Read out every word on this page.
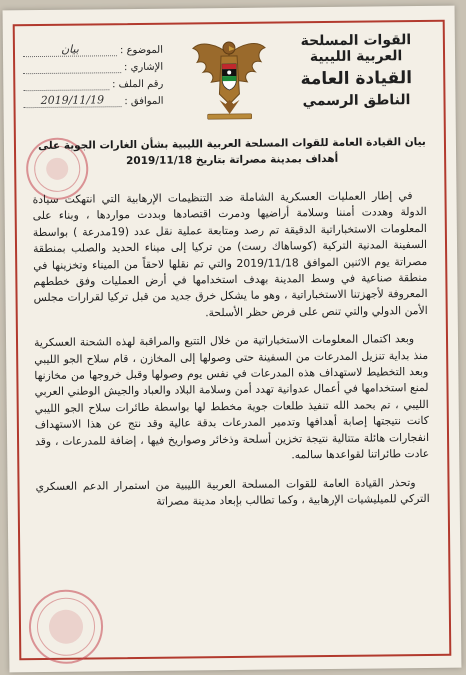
القوات المسلحة العربية الليبية
القيادة العامة
الناطق الرسمي
الموضوع :
بيان
الإشاري :
رقم الملف :
الموافق :
2019/11/19
بيان القيادة العامة للقوات المسلحة العربية الليبية بشأن الغارات الجوية على أهداف بمدينة مصراتة بتاريخ 2019/11/18

في إطار العمليات العسكرية الشاملة ضد التنظيمات الإرهابية التي انتهكت سيادة الدولة وهددت أمننا وسلامة أراضيها ودمرت اقتصادها وبددت مواردها ، وبناء على المعلومات الاستخباراتية الدقيقة تم رصد ومتابعة عملية نقل عدد (19مدرعة ) بواسطة السفينة المدنية التركية (كوساهاك رست) من تركيا إلى ميناء الحديد والصلب بمنطقة مصراتة يوم الاثنين الموافق 2019/11/18 والتي تم نقلها لاحقاً من الميناء وتخزينها في منطقة صناعية في وسط المدينة بهدف استخدامها في أرض العمليات وفق خططهم المعروفة لأجهزتنا الاستخباراتية ، وهو ما يشكل خرق جديد من قبل تركيا لقرارات مجلس الأمن الدولي والتي تنص على فرض حظر الأسلحة.

وبعد اكتمال المعلومات الاستخباراتية من خلال التتبع والمراقبة لهذه الشحنة العسكرية منذ بداية تنزيل المدرعات من السفينة حتى وصولها إلى المخازن ، قام سلاح الجو الليبي وبعد التخطيط لاستهداف هذه المدرعات في نفس يوم وصولها وقبل خروجها من مخازنها لمنع استخدامها في أعمال عدوانية تهدد أمن وسلامة البلاد والعباد والجيش الوطني العربي الليبي ، تم بحمد الله تنفيذ طلعات جوية مخطط لها بواسطة طائرات سلاح الجو الليبي كانت نتيجتها إصابة أهدافها وتدمير المدرعات بدقة عالية وقد نتج عن هذا الاستهداف انفجارات هائلة متتالية نتيجة تخزين أسلحة وذخائر وصواريخ فيها ، إضافة للمدرعات ، وقد عادت طائراتنا لقواعدها سالمه.

وتحذر القيادة العامة للقوات المسلحة العربية الليبية من استمرار الدعم العسكري التركي للميليشيات الإرهابية ، وكما تطالب بإبعاد مدينة مصراتة
